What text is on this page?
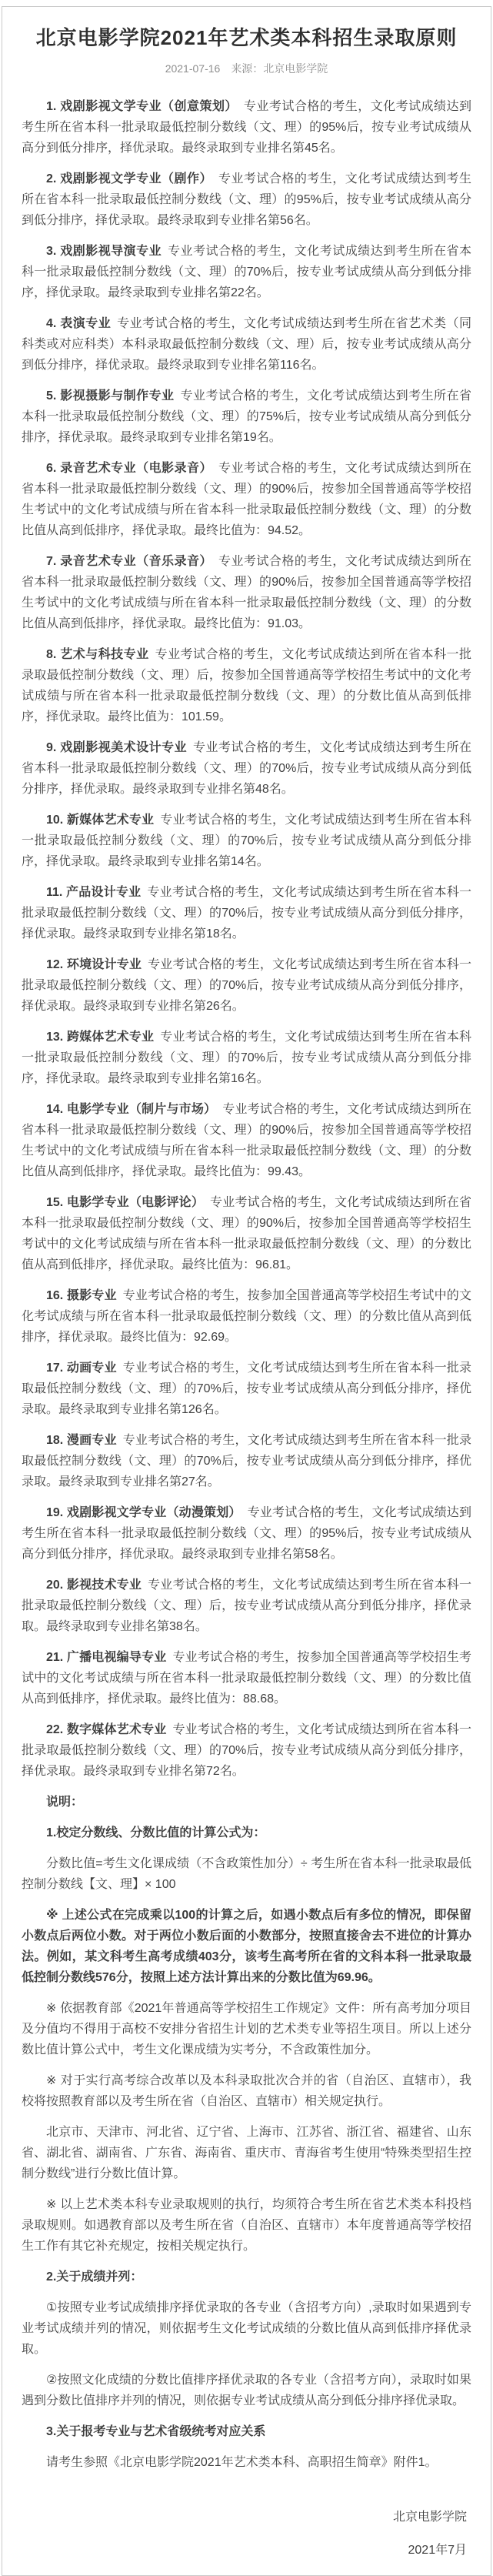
北京电影学院2021年艺术类本科招生录取原则
2021-07-16 来源：北京电影学院

1. 戏剧影视文学专业（创意策划） 专业考试合格的考生，文化考试成绩达到考生所在省本科一批录取最低控制分数线（文、理）的95%后，按专业考试成绩从高分到低分排序，择优录取。最终录取到专业排名第45名。

2. 戏剧影视文学专业（剧作） 专业考试合格的考生，文化考试成绩达到考生所在省本科一批录取最低控制分数线（文、理）的95%后，按专业考试成绩从高分到低分排序，择优录取。最终录取到专业排名第56名。

3. 戏剧影视导演专业 专业考试合格的考生，文化考试成绩达到考生所在省本科一批录取最低控制分数线（文、理）的70%后，按专业考试成绩从高分到低分排序，择优录取。最终录取到专业排名第22名。

4. 表演专业 专业考试合格的考生，文化考试成绩达到考生所在省艺术类（同科类或对应科类）本科录取最低控制分数线（文、理）后，按专业考试成绩从高分到低分排序，择优录取。最终录取到专业排名第116名。

5. 影视摄影与制作专业 专业考试合格的考生，文化考试成绩达到考生所在省本科一批录取最低控制分数线（文、理）的75%后，按专业考试成绩从高分到低分排序，择优录取。最终录取到专业排名第19名。

6. 录音艺术专业（电影录音） 专业考试合格的考生，文化考试成绩达到所在省本科一批录取最低控制分数线（文、理）的90%后，按参加全国普通高等学校招生考试中的文化考试成绩与所在省本科一批录取最低控制分数线（文、理）的分数比值从高到低排序，择优录取。最终比值为：94.52。

7. 录音艺术专业（音乐录音） 专业考试合格的考生，文化考试成绩达到所在省本科一批录取最低控制分数线（文、理）的90%后，按参加全国普通高等学校招生考试中的文化考试成绩与所在省本科一批录取最低控制分数线（文、理）的分数比值从高到低排序，择优录取。最终比值为：91.03。

8. 艺术与科技专业 专业考试合格的考生，文化考试成绩达到所在省本科一批录取最低控制分数线（文、理）后，按参加全国普通高等学校招生考试中的文化考试成绩与所在省本科一批录取最低控制分数线（文、理）的分数比值从高到低排序，择优录取。最终比值为：101.59。

9. 戏剧影视美术设计专业 专业考试合格的考生，文化考试成绩达到考生所在省本科一批录取最低控制分数线（文、理）的70%后，按专业考试成绩从高分到低分排序，择优录取。最终录取到专业排名第48名。

10. 新媒体艺术专业 专业考试合格的考生，文化考试成绩达到考生所在省本科一批录取最低控制分数线（文、理）的70%后，按专业考试成绩从高分到低分排序，择优录取。最终录取到专业排名第14名。

11. 产品设计专业 专业考试合格的考生，文化考试成绩达到考生所在省本科一批录取最低控制分数线（文、理）的70%后，按专业考试成绩从高分到低分排序，择优录取。最终录取到专业排名第18名。

12. 环境设计专业 专业考试合格的考生，文化考试成绩达到考生所在省本科一批录取最低控制分数线（文、理）的70%后，按专业考试成绩从高分到低分排序，择优录取。最终录取到专业排名第26名。

13. 跨媒体艺术专业 专业考试合格的考生，文化考试成绩达到考生所在省本科一批录取最低控制分数线（文、理）的70%后，按专业考试成绩从高分到低分排序，择优录取。最终录取到专业排名第16名。

14. 电影学专业（制片与市场） 专业考试合格的考生，文化考试成绩达到所在省本科一批录取最低控制分数线（文、理）的90%后，按参加全国普通高等学校招生考试中的文化考试成绩与所在省本科一批录取最低控制分数线（文、理）的分数比值从高到低排序，择优录取。最终比值为：99.43。

15. 电影学专业（电影评论） 专业考试合格的考生，文化考试成绩达到所在省本科一批录取最低控制分数线（文、理）的90%后，按参加全国普通高等学校招生考试中的文化考试成绩与所在省本科一批录取最低控制分数线（文、理）的分数比值从高到低排序，择优录取。最终比值为：96.81。

16. 摄影专业 专业考试合格的考生，按参加全国普通高等学校招生考试中的文化考试成绩与所在省本科一批录取最低控制分数线（文、理）的分数比值从高到低排序，择优录取。最终比值为：92.69。

17. 动画专业 专业考试合格的考生，文化考试成绩达到考生所在省本科一批录取最低控制分数线（文、理）的70%后，按专业考试成绩从高分到低分排序，择优录取。最终录取到专业排名第126名。

18. 漫画专业 专业考试合格的考生，文化考试成绩达到考生所在省本科一批录取最低控制分数线（文、理）的70%后，按专业考试成绩从高分到低分排序，择优录取。最终录取到专业排名第27名。

19. 戏剧影视文学专业（动漫策划） 专业考试合格的考生，文化考试成绩达到考生所在省本科一批录取最低控制分数线（文、理）的95%后，按专业考试成绩从高分到低分排序，择优录取。最终录取到专业排名第58名。

20. 影视技术专业 专业考试合格的考生，文化考试成绩达到考生所在省本科一批录取最低控制分数线（文、理）后，按专业考试成绩从高分到低分排序，择优录取。最终录取到专业排名第38名。

21. 广播电视编导专业 专业考试合格的考生，按参加全国普通高等学校招生考试中的文化考试成绩与所在省本科一批录取最低控制分数线（文、理）的分数比值从高到低排序，择优录取。最终比值为：88.68。

22. 数字媒体艺术专业 专业考试合格的考生，文化考试成绩达到所在省本科一批录取最低控制分数线（文、理）的70%后，按专业考试成绩从高分到低分排序，择优录取。最终录取到专业排名第72名。

说明：

1.校定分数线、分数比值的计算公式为：

分数比值=考生文化课成绩（不含政策性加分）÷ 考生所在省本科一批录取最低控制分数线【文、理】× 100

※ 上述公式在完成乘以100的计算之后，如遇小数点后有多位的情况，即保留小数点后两位小数。对于两位小数后面的小数部分，按照直接舍去不进位的计算办法。例如，某文科考生高考成绩403分，该考生高考所在省的文科本科一批录取最低控制分数线576分，按照上述方法计算出来的分数比值为69.96。

※ 依据教育部《2021年普通高等学校招生工作规定》文件：所有高考加分项目及分值均不得用于高校不安排分省招生计划的艺术类专业等招生项目。所以上述分数比值计算公式中，考生文化课成绩为实考分，不含政策性加分。

※ 对于实行高考综合改革以及本科录取批次合并的省（自治区、直辖市），我校将按照教育部以及考生所在省（自治区、直辖市）相关规定执行。

北京市、天津市、河北省、辽宁省、上海市、江苏省、浙江省、福建省、山东省、湖北省、湖南省、广东省、海南省、重庆市、青海省考生使用“特殊类型招生控制分数线”进行分数比值计算。

※ 以上艺术类本科专业录取规则的执行，均须符合考生所在省艺术类本科投档录取规则。如遇教育部以及考生所在省（自治区、直辖市）本年度普通高等学校招生工作有其它补充规定，按相关规定执行。

2.关于成绩并列：

①按照专业考试成绩排序择优录取的各专业（含招考方向）,录取时如果遇到专业考试成绩并列的情况，则依据考生文化考试成绩的分数比值从高到低排序择优录取。

②按照文化成绩的分数比值排序择优录取的各专业（含招考方向），录取时如果遇到分数比值排序并列的情况，则依据专业考试成绩从高分到低分排序择优录取。

3.关于报考专业与艺术省级统考对应关系

请考生参照《北京电影学院2021年艺术类本科、高职招生简章》附件1。

北京电影学院
2021年7月
